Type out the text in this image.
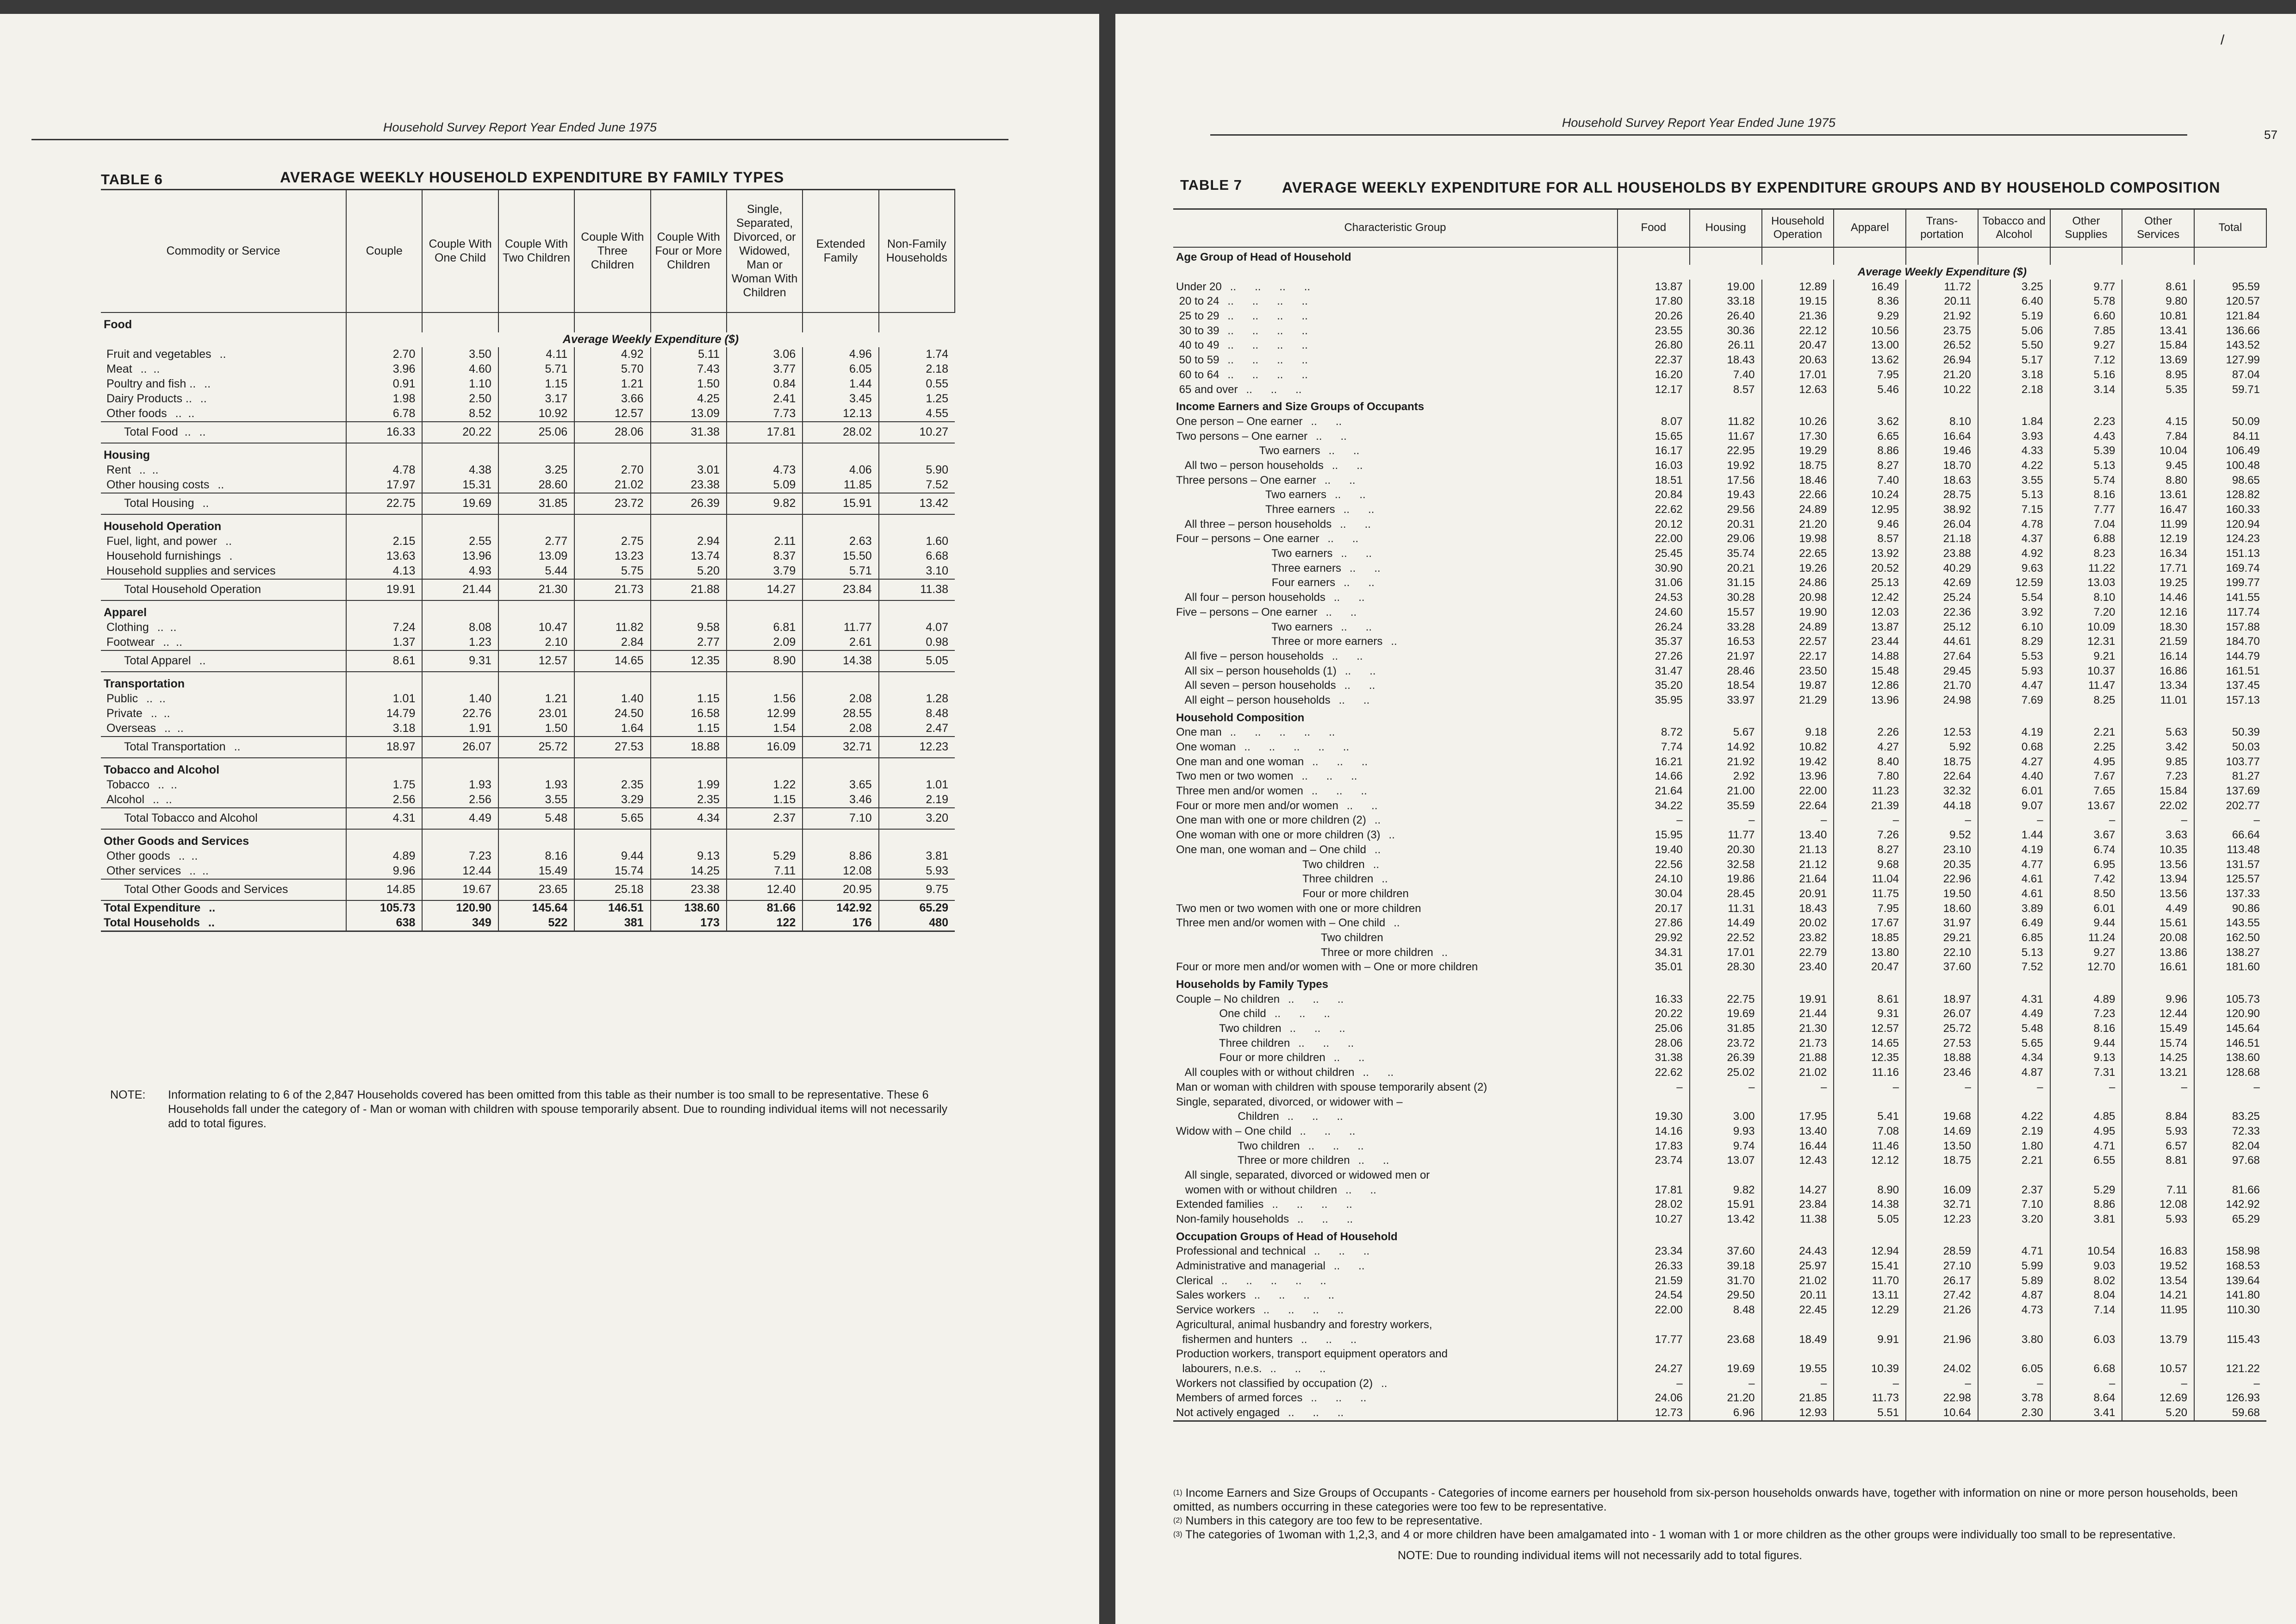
Household Survey Report Year Ended June 1975
TABLE 6	AVERAGE WEEKLY HOUSEHOLD EXPENDITURE BY FAMILY TYPES
Commodity or Service	Couple	Couple With One Child	Couple With Two Children	Couple With Three Children	Couple With Four or More Children	Single, Separated, Divorced, or Widowed, Man or Woman With Children	Extended Family	Non-Family Households
Food								
	Average Weekly Expenditure ($)							
Fruit and vegetables ..	2.70	3.50	4.11	4.92	5.11	3.06	4.96	1.74
Meat ..  ..	3.96	4.60	5.71	5.70	7.43	3.77	6.05	2.18
Poultry and fish .. ..	0.91	1.10	1.15	1.21	1.50	0.84	1.44	0.55
Dairy Products .. ..	1.98	2.50	3.17	3.66	4.25	2.41	3.45	1.25
Other foods ..  ..	6.78	8.52	10.92	12.57	13.09	7.73	12.13	4.55
Total Food  .. ..	16.33	20.22	25.06	28.06	31.38	17.81	28.02	10.27
Housing								
Rent ..  ..	4.78	4.38	3.25	2.70	3.01	4.73	4.06	5.90
Other housing costs ..	17.97	15.31	28.60	21.02	23.38	5.09	11.85	7.52
Total Housing ..	22.75	19.69	31.85	23.72	26.39	9.82	15.91	13.42
Household Operation								
Fuel, light, and power ..	2.15	2.55	2.77	2.75	2.94	2.11	2.63	1.60
Household furnishings .	13.63	13.96	13.09	13.23	13.74	8.37	15.50	6.68
Household supplies and services	4.13	4.93	5.44	5.75	5.20	3.79	5.71	3.10
Total Household Operation	19.91	21.44	21.30	21.73	21.88	14.27	23.84	11.38
Apparel								
Clothing ..  ..	7.24	8.08	10.47	11.82	9.58	6.81	11.77	4.07
Footwear ..  ..	1.37	1.23	2.10	2.84	2.77	2.09	2.61	0.98
Total Apparel ..	8.61	9.31	12.57	14.65	12.35	8.90	14.38	5.05
Transportation								
Public ..  ..	1.01	1.40	1.21	1.40	1.15	1.56	2.08	1.28
Private ..  ..	14.79	22.76	23.01	24.50	16.58	12.99	28.55	8.48
Overseas ..  ..	3.18	1.91	1.50	1.64	1.15	1.54	2.08	2.47
Total Transportation ..	18.97	26.07	25.72	27.53	18.88	16.09	32.71	12.23
Tobacco and Alcohol								
Tobacco ..  ..	1.75	1.93	1.93	2.35	1.99	1.22	3.65	1.01
Alcohol ..  ..	2.56	2.56	3.55	3.29	2.35	1.15	3.46	2.19
Total Tobacco and Alcohol	4.31	4.49	5.48	5.65	4.34	2.37	7.10	3.20
Other Goods and Services								
Other goods ..  ..	4.89	7.23	8.16	9.44	9.13	5.29	8.86	3.81
Other services ..  ..	9.96	12.44	15.49	15.74	14.25	7.11	12.08	5.93
Total Other Goods and Services	14.85	19.67	23.65	25.18	23.38	12.40	20.95	9.75
Total Expenditure ..	105.73	120.90	145.64	146.51	138.60	81.66	142.92	65.29
Total Households ..	638	349	522	381	173	122	176	480
NOTE: Information relating to 6 of the 2,847 Households covered has been omitted from this table as their number is too small to be representative. These 6 Households fall under the category of - Man or woman with children with spouse temporarily absent. Due to rounding individual items will not necessarily add to total figures.
Household Survey Report Year Ended June 1975
57
/
TABLE 7	AVERAGE WEEKLY EXPENDITURE FOR ALL HOUSEHOLDS BY EXPENDITURE GROUPS AND BY HOUSEHOLD COMPOSITION
Characteristic Group	Food	Housing	Household Operation	Apparel	Trans-portation	Tobacco and Alcohol	Other Supplies	Other Services	Total
Age Group of Head of Household									
	Average Weekly Expenditure ($)								
Under 20 ..      ..      ..      ..	13.87	19.00	12.89	16.49	11.72	3.25	9.77	8.61	95.59
20 to 24 ..      ..      ..      ..	17.80	33.18	19.15	8.36	20.11	6.40	5.78	9.80	120.57
25 to 29 ..      ..      ..      ..	20.26	26.40	21.36	9.29	21.92	5.19	6.60	10.81	121.84
30 to 39 ..      ..      ..      ..	23.55	30.36	22.12	10.56	23.75	5.06	7.85	13.41	136.66
40 to 49 ..      ..      ..      ..	26.80	26.11	20.47	13.00	26.52	5.50	9.27	15.84	143.52
50 to 59 ..      ..      ..      ..	22.37	18.43	20.63	13.62	26.94	5.17	7.12	13.69	127.99
60 to 64 ..      ..      ..      ..	16.20	7.40	17.01	7.95	21.20	3.18	5.16	8.95	87.04
65 and over ..      ..      ..	12.17	8.57	12.63	5.46	10.22	2.18	3.14	5.35	59.71
Income Earners and Size Groups of Occupants									
One person – One earner ..      ..	8.07	11.82	10.26	3.62	8.10	1.84	2.23	4.15	50.09
Two persons – One earner ..      ..	15.65	11.67	17.30	6.65	16.64	3.93	4.43	7.84	84.11
Two earners ..      ..	16.17	22.95	19.29	8.86	19.46	4.33	5.39	10.04	106.49
All two – person households ..      ..	16.03	19.92	18.75	8.27	18.70	4.22	5.13	9.45	100.48
Three persons – One earner ..      ..	18.51	17.56	18.46	7.40	18.63	3.55	5.74	8.80	98.65
Two earners ..      ..	20.84	19.43	22.66	10.24	28.75	5.13	8.16	13.61	128.82
Three earners ..      ..	22.62	29.56	24.89	12.95	38.92	7.15	7.77	16.47	160.33
All three – person households ..      ..	20.12	20.31	21.20	9.46	26.04	4.78	7.04	11.99	120.94
Four – persons – One earner ..      ..	22.00	29.06	19.98	8.57	21.18	4.37	6.88	12.19	124.23
Two earners ..      ..	25.45	35.74	22.65	13.92	23.88	4.92	8.23	16.34	151.13
Three earners ..      ..	30.90	20.21	19.26	20.52	40.29	9.63	11.22	17.71	169.74
Four earners ..      ..	31.06	31.15	24.86	25.13	42.69	12.59	13.03	19.25	199.77
All four – person households ..      ..	24.53	30.28	20.98	12.42	25.24	5.54	8.10	14.46	141.55
Five – persons – One earner ..      ..	24.60	15.57	19.90	12.03	22.36	3.92	7.20	12.16	117.74
Two earners ..      ..	26.24	33.28	24.89	13.87	25.12	6.10	10.09	18.30	157.88
Three or more earners ..	35.37	16.53	22.57	23.44	44.61	8.29	12.31	21.59	184.70
All five – person households ..      ..	27.26	21.97	22.17	14.88	27.64	5.53	9.21	16.14	144.79
All six – person households (1) ..      ..	31.47	28.46	23.50	15.48	29.45	5.93	10.37	16.86	161.51
All seven – person households ..      ..	35.20	18.54	19.87	12.86	21.70	4.47	11.47	13.34	137.45
All eight – person households ..      ..	35.95	33.97	21.29	13.96	24.98	7.69	8.25	11.01	157.13
Household Composition									
One man ..      ..      ..      ..      ..	8.72	5.67	9.18	2.26	12.53	4.19	2.21	5.63	50.39
One woman ..      ..      ..      ..      ..	7.74	14.92	10.82	4.27	5.92	0.68	2.25	3.42	50.03
One man and one woman ..      ..      ..	16.21	21.92	19.42	8.40	18.75	4.27	4.95	9.85	103.77
Two men or two women ..      ..      ..	14.66	2.92	13.96	7.80	22.64	4.40	7.67	7.23	81.27
Three men and/or women ..      ..      ..	21.64	21.00	22.00	11.23	32.32	6.01	7.65	15.84	137.69
Four or more men and/or women ..      ..	34.22	35.59	22.64	21.39	44.18	9.07	13.67	22.02	202.77
One man with one or more children (2) ..	–	–	–	–	–	–	–	–	–
One woman with one or more children (3) ..	15.95	11.77	13.40	7.26	9.52	1.44	3.67	3.63	66.64
One man, one woman and – One child ..	19.40	20.30	21.13	8.27	23.10	4.19	6.74	10.35	113.48
Two children ..	22.56	32.58	21.12	9.68	20.35	4.77	6.95	13.56	131.57
Three children ..	24.10	19.86	21.64	11.04	22.96	4.61	7.42	13.94	125.57
Four or more children	30.04	28.45	20.91	11.75	19.50	4.61	8.50	13.56	137.33
Two men or two women with one or more children	20.17	11.31	18.43	7.95	18.60	3.89	6.01	4.49	90.86
Three men and/or women with – One child ..	27.86	14.49	20.02	17.67	31.97	6.49	9.44	15.61	143.55
Two children	29.92	22.52	23.82	18.85	29.21	6.85	11.24	20.08	162.50
Three or more children ..	34.31	17.01	22.79	13.80	22.10	5.13	9.27	13.86	138.27
Four or more men and/or women with – One or more children	35.01	28.30	23.40	20.47	37.60	7.52	12.70	16.61	181.60
Households by Family Types									
Couple – No children ..      ..      ..	16.33	22.75	19.91	8.61	18.97	4.31	4.89	9.96	105.73
One child ..      ..      ..	20.22	19.69	21.44	9.31	26.07	4.49	7.23	12.44	120.90
Two children ..      ..      ..	25.06	31.85	21.30	12.57	25.72	5.48	8.16	15.49	145.64
Three children ..      ..      ..	28.06	23.72	21.73	14.65	27.53	5.65	9.44	15.74	146.51
Four or more children ..      ..	31.38	26.39	21.88	12.35	18.88	4.34	9.13	14.25	138.60
All couples with or without children ..      ..	22.62	25.02	21.02	11.16	23.46	4.87	7.31	13.21	128.68
Man or woman with children with spouse temporarily absent (2)	–	–	–	–	–	–	–	–	–
Single, separated, divorced, or widower with –									
Children ..      ..      ..	19.30	3.00	17.95	5.41	19.68	4.22	4.85	8.84	83.25
Widow with – One child ..      ..      ..	14.16	9.93	13.40	7.08	14.69	2.19	4.95	5.93	72.33
Two children ..      ..      ..	17.83	9.74	16.44	11.46	13.50	1.80	4.71	6.57	82.04
Three or more children ..      ..	23.74	13.07	12.43	12.12	18.75	2.21	6.55	8.81	97.68
All single, separated, divorced or widowed men or									
women with or without children ..      ..	17.81	9.82	14.27	8.90	16.09	2.37	5.29	7.11	81.66
Extended families ..      ..      ..      ..	28.02	15.91	23.84	14.38	32.71	7.10	8.86	12.08	142.92
Non-family households ..      ..      ..	10.27	13.42	11.38	5.05	12.23	3.20	3.81	5.93	65.29
Occupation Groups of Head of Household									
Professional and technical ..      ..      ..	23.34	37.60	24.43	12.94	28.59	4.71	10.54	16.83	158.98
Administrative and managerial ..      ..	26.33	39.18	25.97	15.41	27.10	5.99	9.03	19.52	168.53
Clerical ..      ..      ..      ..      ..	21.59	31.70	21.02	11.70	26.17	5.89	8.02	13.54	139.64
Sales workers ..      ..      ..      ..	24.54	29.50	20.11	13.11	27.42	4.87	8.04	14.21	141.80
Service workers ..      ..      ..      ..	22.00	8.48	22.45	12.29	21.26	4.73	7.14	11.95	110.30
Agricultural, animal husbandry and forestry workers,									
fishermen and hunters ..      ..      ..	17.77	23.68	18.49	9.91	21.96	3.80	6.03	13.79	115.43
Production workers, transport equipment operators and									
labourers, n.e.s. ..      ..      ..	24.27	19.69	19.55	10.39	24.02	6.05	6.68	10.57	121.22
Workers not classified by occupation (2) ..	–	–	–	–	–	–	–	–	–
Members of armed forces ..      ..      ..	24.06	21.20	21.85	11.73	22.98	3.78	8.64	12.69	126.93
Not actively engaged ..      ..      ..	12.73	6.96	12.93	5.51	10.64	2.30	3.41	5.20	59.68
$^{(1)}$ Income Earners and Size Groups of Occupants - Categories of income earners per household from six-person households onwards have, together with information on nine or more person households, been omitted, as numbers occurring in these categories were too few to be representative.
$^{(2)}$ Numbers in this category are too few to be representative.
$^{(3)}$ The categories of 1woman with 1,2,3, and 4 or more children have been amalgamated into - 1 woman with 1 or more children as the other groups were individually too small to be representative.
NOTE: Due to rounding individual items will not necessarily add to total figures.
